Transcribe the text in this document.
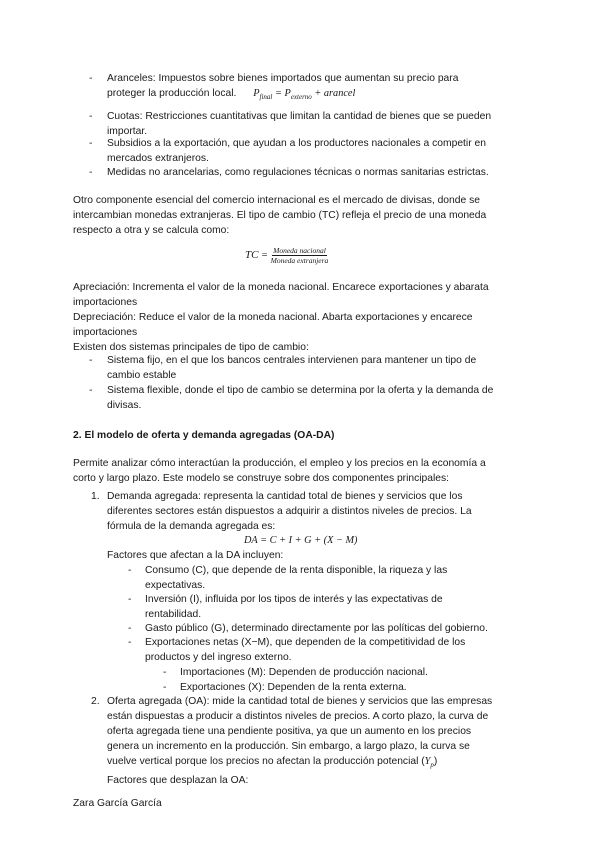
- Aranceles: Impuestos sobre bienes importados que aumentan su precio para
proteger la producción local. $P_{final} = P_{externo}$ + arancel
- Cuotas: Restricciones cuantitativas que limitan la cantidad de bienes que se pueden
importar.
- Subsidios a la exportación, que ayudan a los productores nacionales a competir en
mercados extranjeros.
- Medidas no arancelarias, como regulaciones técnicas o normas sanitarias estrictas.
Otro componente esencial del comercio internacional es el mercado de divisas, donde se
intercambian monedas extranjeras. El tipo de cambio (TC) refleja el precio de una moneda
respecto a otra y se calcula como:
TC = $\frac{\text{Moneda nacional}}{\text{Moneda extranjera}}$
Apreciación: Incrementa el valor de la moneda nacional. Encarece exportaciones y abarata
importaciones
Depreciación: Reduce el valor de la moneda nacional. Abarta exportaciones y encarece
importaciones
Existen dos sistemas principales de tipo de cambio:
- Sistema fijo, en el que los bancos centrales intervienen para mantener un tipo de
cambio estable
- Sistema flexible, donde el tipo de cambio se determina por la oferta y la demanda de
divisas.
2. El modelo de oferta y demanda agregadas (OA-DA)
Permite analizar cómo interactúan la producción, el empleo y los precios en la economía a
corto y largo plazo. Este modelo se construye sobre dos componentes principales:
1. Demanda agregada: representa la cantidad total de bienes y servicios que los
diferentes sectores están dispuestos a adquirir a distintos niveles de precios. La
fórmula de la demanda agregada es:
DA = C + I + G + (X − M)
Factores que afectan a la DA incluyen:
- Consumo (C), que depende de la renta disponible, la riqueza y las
expectativas.
- Inversión (I), influida por los tipos de interés y las expectativas de
rentabilidad.
- Gasto público (G), determinado directamente por las políticas del gobierno.
- Exportaciones netas (X−M), que dependen de la competitividad de los
productos y del ingreso externo.
- Importaciones (M): Dependen de producción nacional.
- Exportaciones (X): Dependen de la renta externa.
2. Oferta agregada (OA): mide la cantidad total de bienes y servicios que las empresas
están dispuestas a producir a distintos niveles de precios. A corto plazo, la curva de
oferta agregada tiene una pendiente positiva, ya que un aumento en los precios
genera un incremento en la producción. Sin embargo, a largo plazo, la curva se
vuelve vertical porque los precios no afectan la producción potencial $(Y_p)$
Factores que desplazan la OA:
Zara García García
